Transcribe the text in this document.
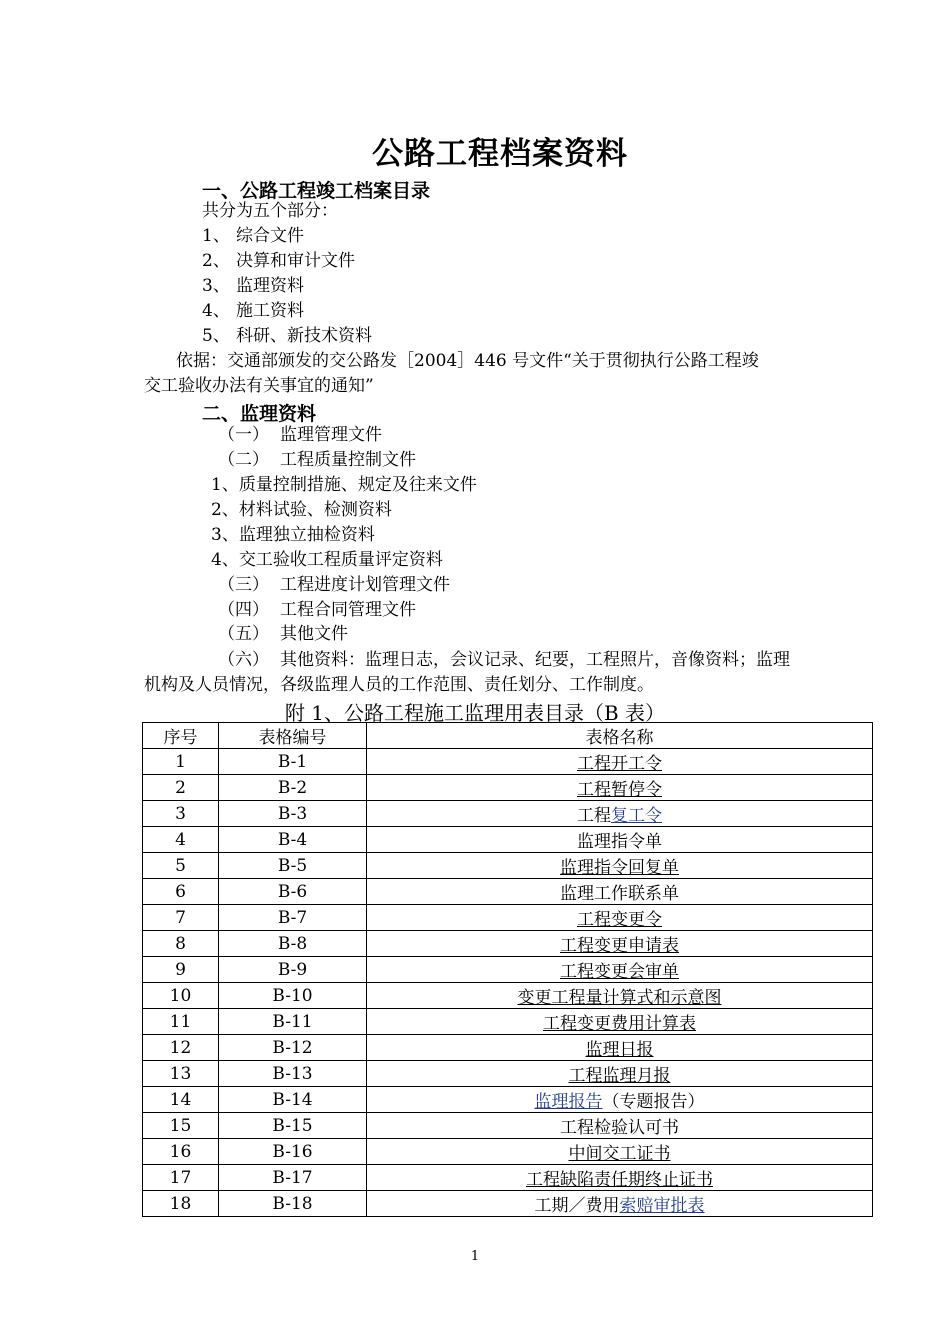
公路工程档案资料
一、公路工程竣工档案目录
共分为五个部分：
1、 综合文件
2、 决算和审计文件
3、 监理资料
4、 施工资料
5、 科研、新技术资料
依据：交通部颁发的交公路发［2004］446 号文件“关于贯彻执行公路工程竣
交工验收办法有关事宜的通知”
二、监理资料
（一） 监理管理文件
（二） 工程质量控制文件
1、质量控制措施、规定及往来文件
2、材料试验、检测资料
3、监理独立抽检资料
4、交工验收工程质量评定资料
（三） 工程进度计划管理文件
（四） 工程合同管理文件
（五） 其他文件
（六） 其他资料：监理日志，会议记录、纪要，工程照片，音像资料；监理
机构及人员情况，各级监理人员的工作范围、责任划分、工作制度。
附 1、公路工程施工监理用表目录（B 表）
序号	表格编号	表格名称
1	B-1	工程开工令
2	B-2	工程暂停令
3	B-3	工程复工令
4	B-4	监理指令单
5	B-5	监理指令回复单
6	B-6	监理工作联系单
7	B-7	工程变更令
8	B-8	工程变更申请表
9	B-9	工程变更会审单
10	B-10	变更工程量计算式和示意图
11	B-11	工程变更费用计算表
12	B-12	监理日报
13	B-13	工程监理月报
14	B-14	监理报告（专题报告）
15	B-15	工程检验认可书
16	B-16	中间交工证书
17	B-17	工程缺陷责任期终止证书
18	B-18	工期／费用索赔审批表
1
